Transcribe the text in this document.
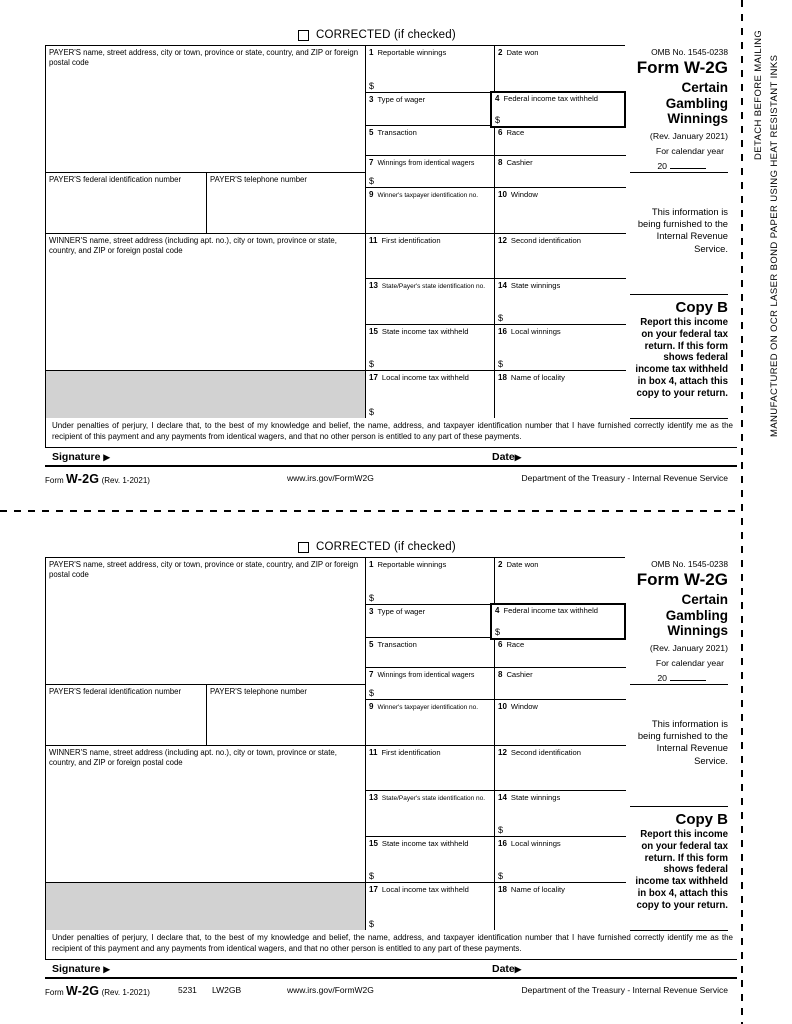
CORRECTED (if checked)
PAYER'S name, street address, city or town, province or state, country, and ZIP or foreign postal code
PAYER'S federal identification number	PAYER'S telephone number
WINNER'S name, street address (including apt. no.), city or town, province or state, country, and ZIP or foreign postal code
1 Reportable winnings
$
2 Date won
3 Type of wager	4 Federal income tax withheld
$
5 Transaction	6 Race
7 Winnings from identical wagers
$
8 Cashier
9 Winner's taxpayer identification no.	10 Window
11 First identification	12 Second identification
13 State/Payer's state identification no.	14 State winnings
$
15 State income tax withheld
$
16 Local winnings
$
17 Local income tax withheld
$
18 Name of locality
OMB No. 1545-0238
Form W-2G
Certain Gambling Winnings
(Rev. January 2021)
For calendar year
20
This information is being furnished to the Internal Revenue Service.
Copy B
Report this income on your federal tax return. If this form shows federal income tax withheld in box 4, attach this copy to your return.
Under penalties of perjury, I declare that, to the best of my knowledge and belief, the name, address, and taxpayer identification number that I have furnished correctly identify me as the recipient of this payment and any payments from identical wagers, and that no other person is entitled to any part of these payments.
Signature ▶	Date▶
Form W-2G (Rev. 1-2021)	www.irs.gov/FormW2G	Department of the Treasury - Internal Revenue Service
CORRECTED (if checked)
PAYER'S name, street address, city or town, province or state, country, and ZIP or foreign postal code
PAYER'S federal identification number	PAYER'S telephone number
WINNER'S name, street address (including apt. no.), city or town, province or state, country, and ZIP or foreign postal code
1 Reportable winnings
$
2 Date won
3 Type of wager	4 Federal income tax withheld
$
5 Transaction	6 Race
7 Winnings from identical wagers
$
8 Cashier
9 Winner's taxpayer identification no.	10 Window
11 First identification	12 Second identification
13 State/Payer's state identification no.	14 State winnings
$
15 State income tax withheld
$
16 Local winnings
$
17 Local income tax withheld
$
18 Name of locality
OMB No. 1545-0238
Form W-2G
Certain Gambling Winnings
(Rev. January 2021)
For calendar year
20
This information is being furnished to the Internal Revenue Service.
Copy B
Report this income on your federal tax return. If this form shows federal income tax withheld in box 4, attach this copy to your return.
Under penalties of perjury, I declare that, to the best of my knowledge and belief, the name, address, and taxpayer identification number that I have furnished correctly identify me as the recipient of this payment and any payments from identical wagers, and that no other person is entitled to any part of these payments.
Signature ▶	Date▶
Form W-2G (Rev. 1-2021)	5231 LW2GB	www.irs.gov/FormW2G	Department of the Treasury - Internal Revenue Service
DETACH BEFORE MAILING MANUFACTURED ON OCR LASER BOND PAPER USING HEAT RESISTANT INKS
